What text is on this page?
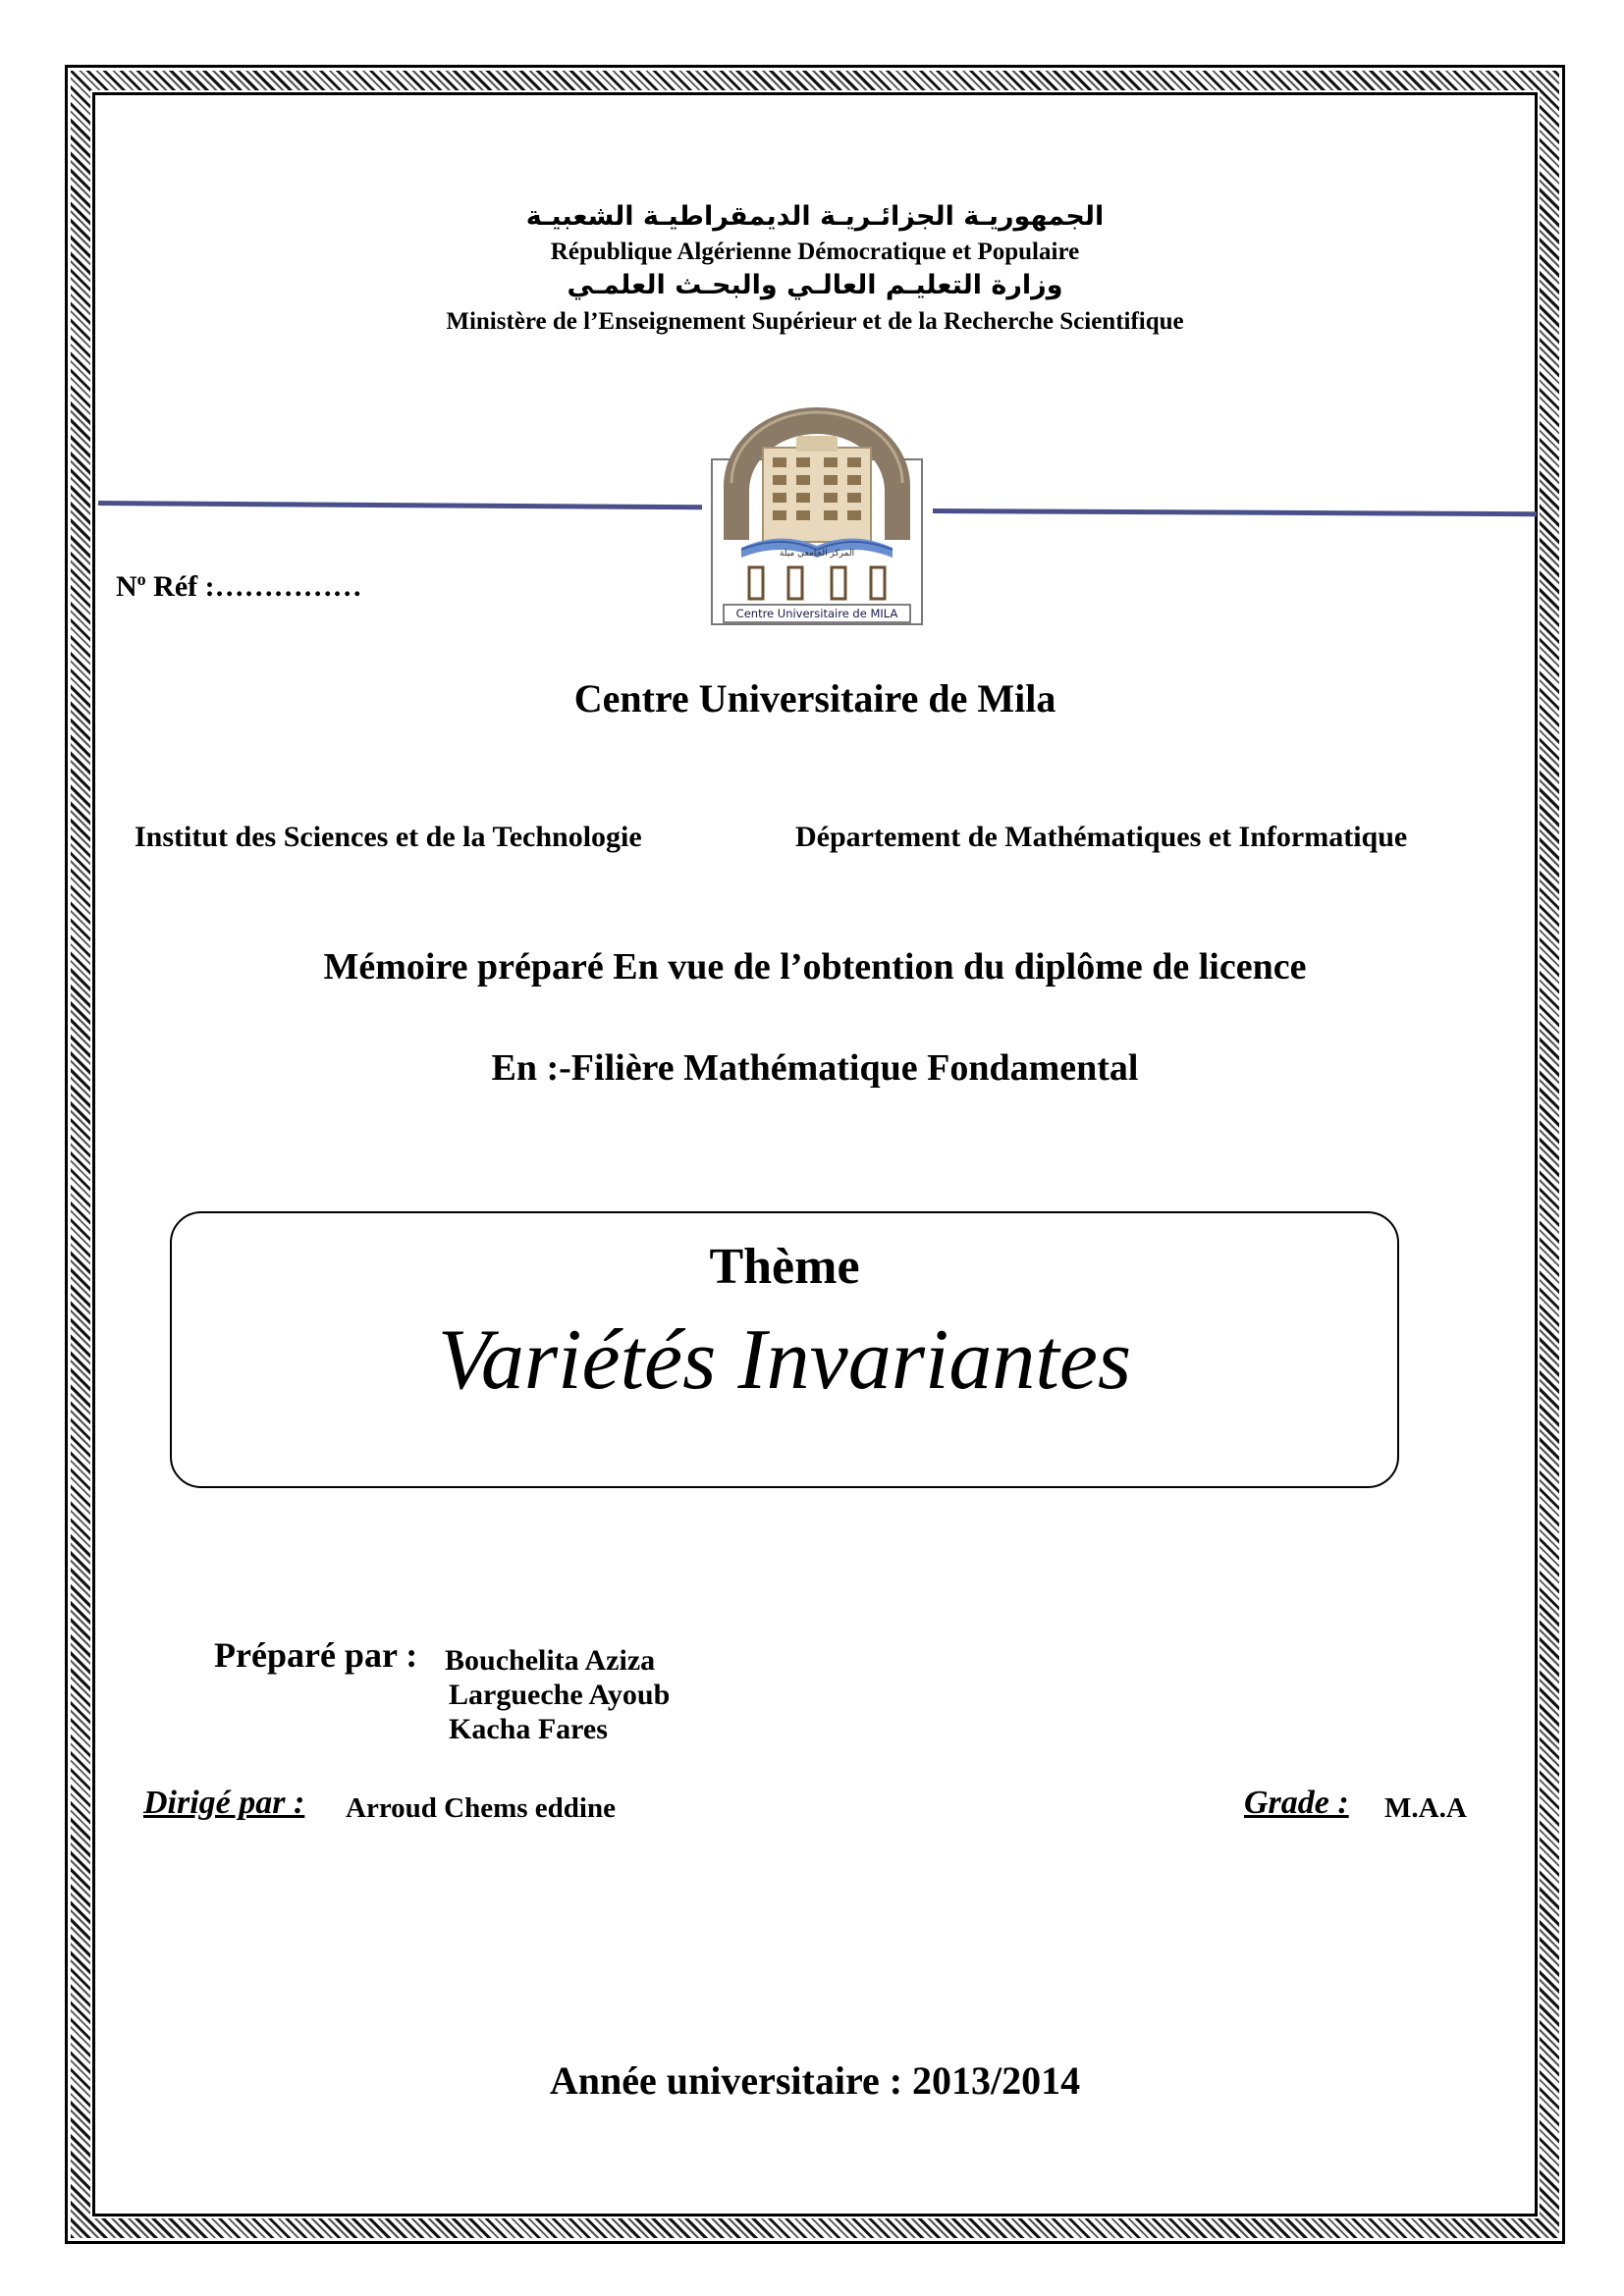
الجمهوريـة الجزائـريـة الديمقراطيـة الشعبيـة
République Algérienne Démocratique et Populaire
وزارة التعليـم العالـي والبحـث العلمـي
Ministère de l’Enseignement Supérieur et de la Recherche Scientifique
المركز الجامعي ميلة
Centre Universitaire de MILA
$N^o$ Réf :……………
Centre Universitaire de Mila
Institut des Sciences et de la Technologie	Département de Mathématiques et Informatique
Mémoire préparé En vue de l’obtention du diplôme de licence
En :-Filière Mathématique Fondamental
Thème
Variétés Invariantes
Préparé par : Bouchelita Aziza
Largueche Ayoub
Kacha Fares
Dirigé par : Arroud Chems eddine	Grade : M.A.A
Année universitaire : 2013/2014
